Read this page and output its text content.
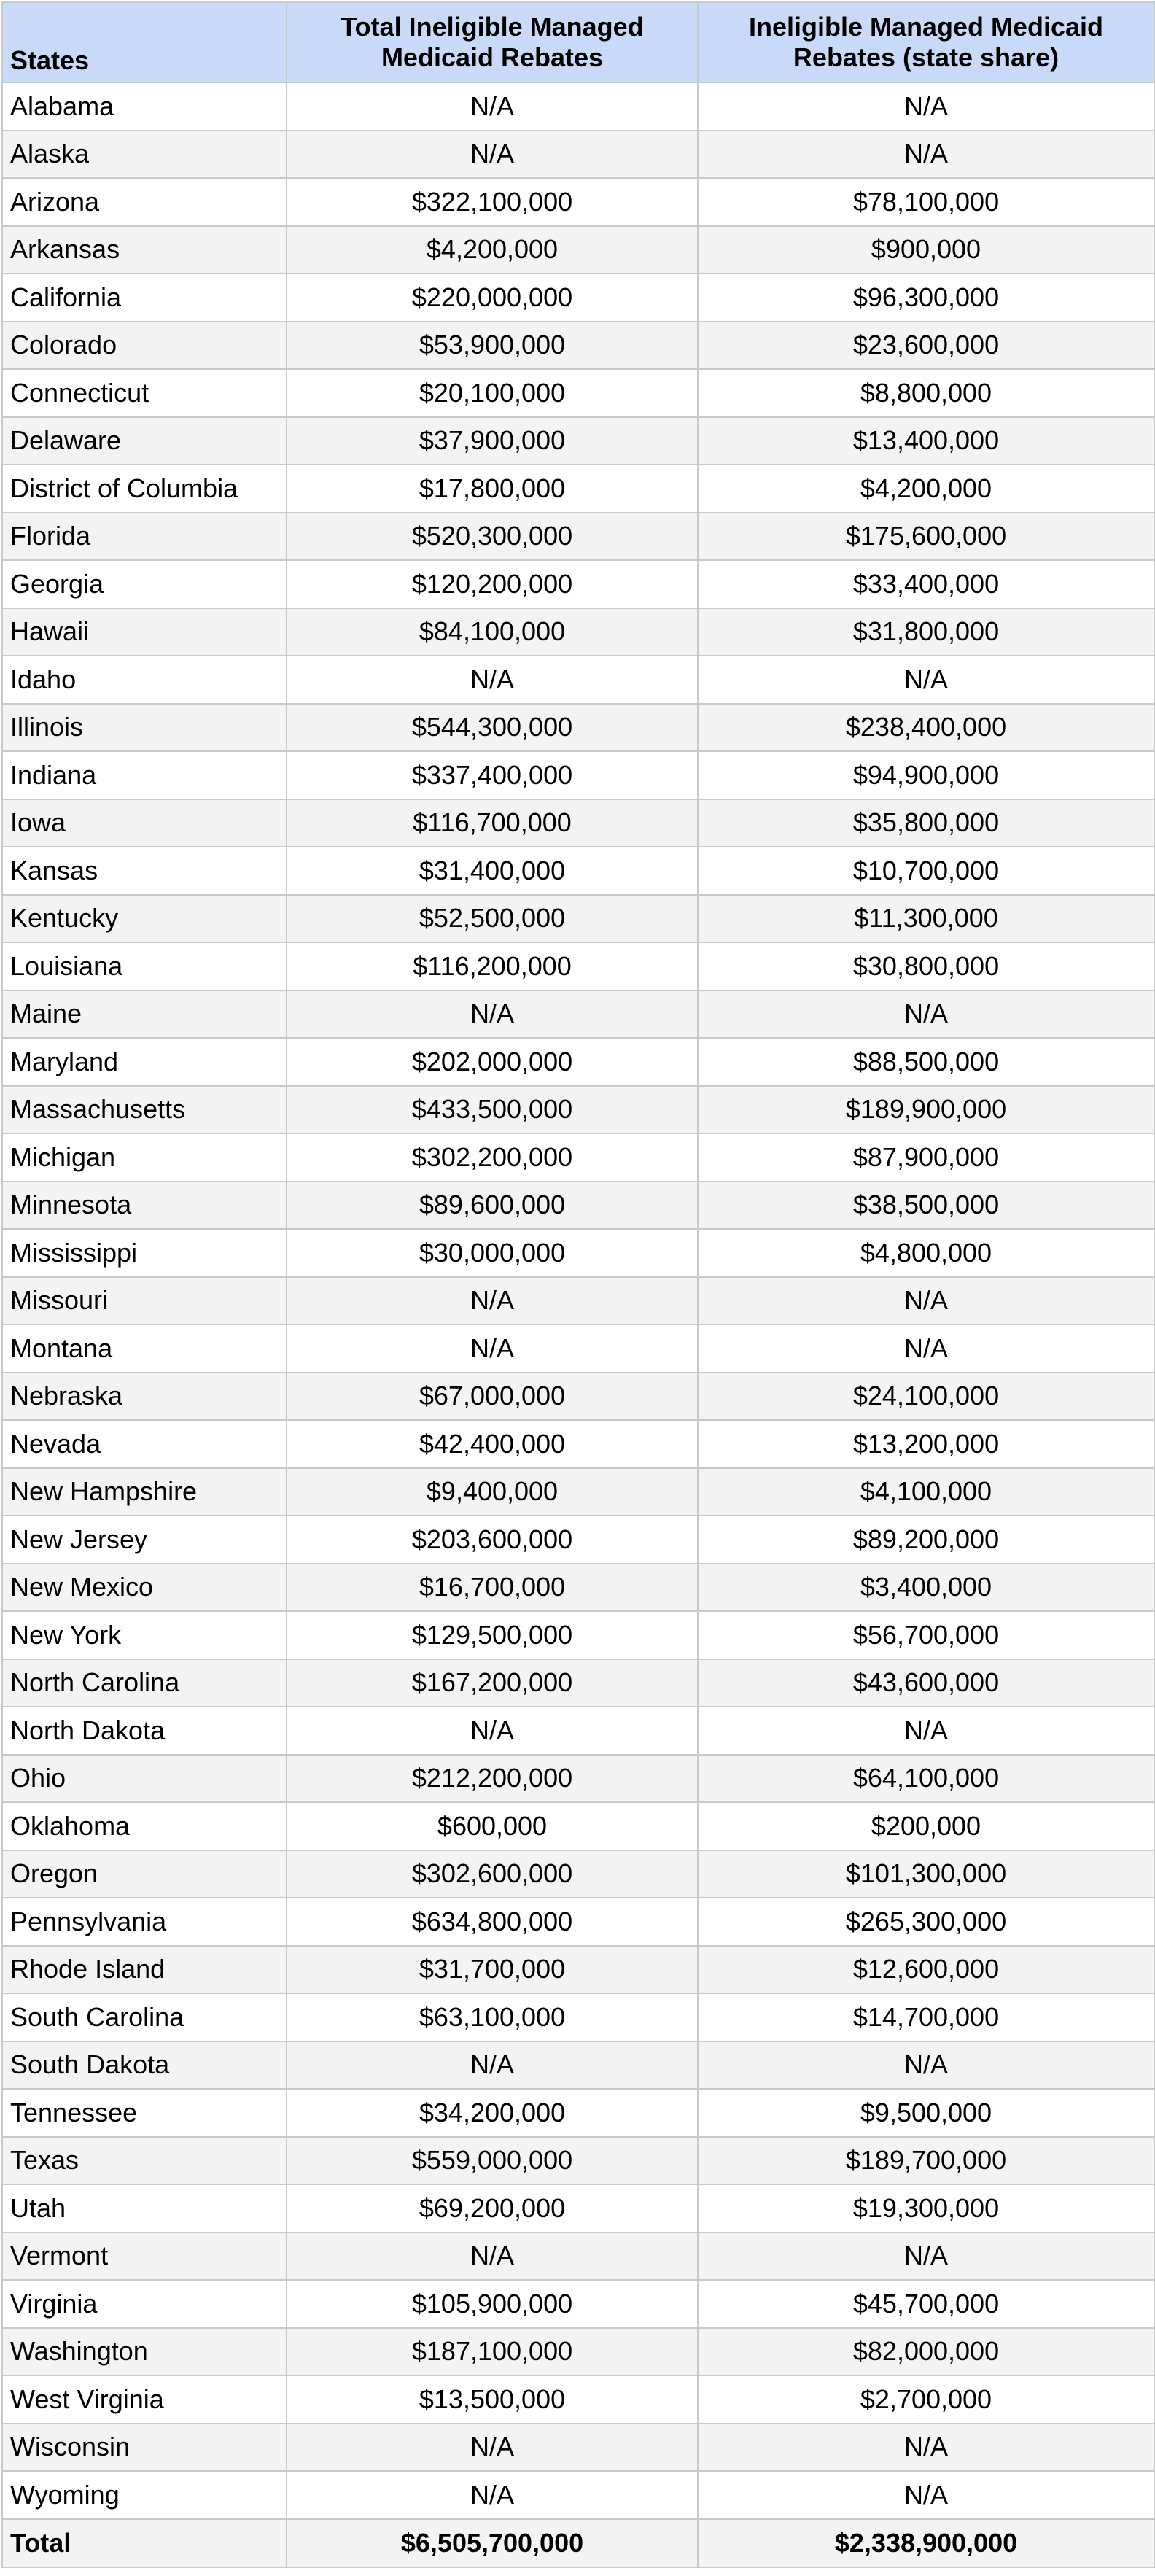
States	Total Ineligible Managed Medicaid Rebates	Ineligible Managed Medicaid Rebates (state share)
Alabama	N/A	N/A
Alaska	N/A	N/A
Arizona	$322,100,000	$78,100,000
Arkansas	$4,200,000	$900,000
California	$220,000,000	$96,300,000
Colorado	$53,900,000	$23,600,000
Connecticut	$20,100,000	$8,800,000
Delaware	$37,900,000	$13,400,000
District of Columbia	$17,800,000	$4,200,000
Florida	$520,300,000	$175,600,000
Georgia	$120,200,000	$33,400,000
Hawaii	$84,100,000	$31,800,000
Idaho	N/A	N/A
Illinois	$544,300,000	$238,400,000
Indiana	$337,400,000	$94,900,000
Iowa	$116,700,000	$35,800,000
Kansas	$31,400,000	$10,700,000
Kentucky	$52,500,000	$11,300,000
Louisiana	$116,200,000	$30,800,000
Maine	N/A	N/A
Maryland	$202,000,000	$88,500,000
Massachusetts	$433,500,000	$189,900,000
Michigan	$302,200,000	$87,900,000
Minnesota	$89,600,000	$38,500,000
Mississippi	$30,000,000	$4,800,000
Missouri	N/A	N/A
Montana	N/A	N/A
Nebraska	$67,000,000	$24,100,000
Nevada	$42,400,000	$13,200,000
New Hampshire	$9,400,000	$4,100,000
New Jersey	$203,600,000	$89,200,000
New Mexico	$16,700,000	$3,400,000
New York	$129,500,000	$56,700,000
North Carolina	$167,200,000	$43,600,000
North Dakota	N/A	N/A
Ohio	$212,200,000	$64,100,000
Oklahoma	$600,000	$200,000
Oregon	$302,600,000	$101,300,000
Pennsylvania	$634,800,000	$265,300,000
Rhode Island	$31,700,000	$12,600,000
South Carolina	$63,100,000	$14,700,000
South Dakota	N/A	N/A
Tennessee	$34,200,000	$9,500,000
Texas	$559,000,000	$189,700,000
Utah	$69,200,000	$19,300,000
Vermont	N/A	N/A
Virginia	$105,900,000	$45,700,000
Washington	$187,100,000	$82,000,000
West Virginia	$13,500,000	$2,700,000
Wisconsin	N/A	N/A
Wyoming	N/A	N/A
Total	$6,505,700,000	$2,338,900,000
